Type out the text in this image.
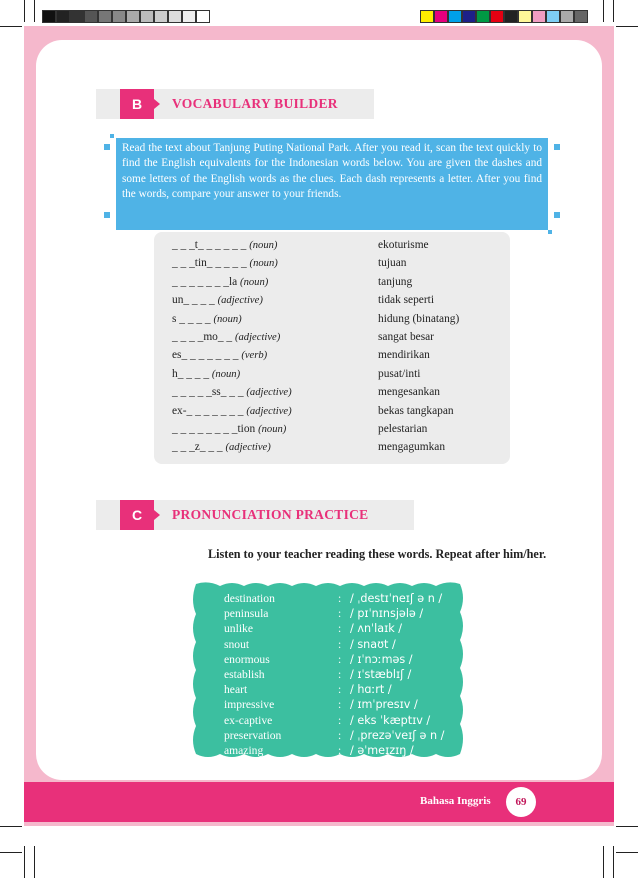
B	VOCABULARY BUILDER
Read the text about Tanjung Puting National Park. After you read it, scan the text quickly to find the English equivalents for the Indonesian words below. You are given the dashes and some letters of the English words as the clues. Each dash represents a letter. After you find the words, compare your answer to your friends.
_ _ _t_ _ _ _ _ _ (noun)	ekoturisme
_ _ _tin_ _ _ _ _ (noun)	tujuan
_ _ _ _ _ _ _la (noun)	tanjung
un_ _ _ _ (adjective)	tidak seperti
s _ _ _ _ (noun)	hidung (binatang)
_ _ _ _mo_ _ (adjective)	sangat besar
es_ _ _ _ _ _ _ (verb)	mendirikan
h_ _ _ _ (noun)	pusat/inti
_ _ _ _ _ss_ _ _ (adjective)	mengesankan
ex-_ _ _ _ _ _ _ (adjective)	bekas tangkapan
_ _ _ _ _ _ _ _tion (noun)	pelestarian
_ _ _z_ _ _ (adjective)	mengagumkan
C	PRONUNCIATION PRACTICE
Listen to your teacher reading these words. Repeat after him/her.
destination	: / ˌdestɪˈneɪʃ ə n /
peninsula	: / pɪˈnɪnsjələ /
unlike	: / ʌnˈlaɪk /
snout	: / snaʊt /
enormous	: / ɪˈnɔːməs /
establish	: / ɪˈstæblɪʃ /
heart	: / hɑːrt /
impressive	: / ɪmˈpresɪv /
ex-captive	: / eks ˈkæptɪv /
preservation	: / ˌprezəˈveɪʃ ə n /
amazing	: / əˈmeɪzɪŋ /
Bahasa Inggris	69
